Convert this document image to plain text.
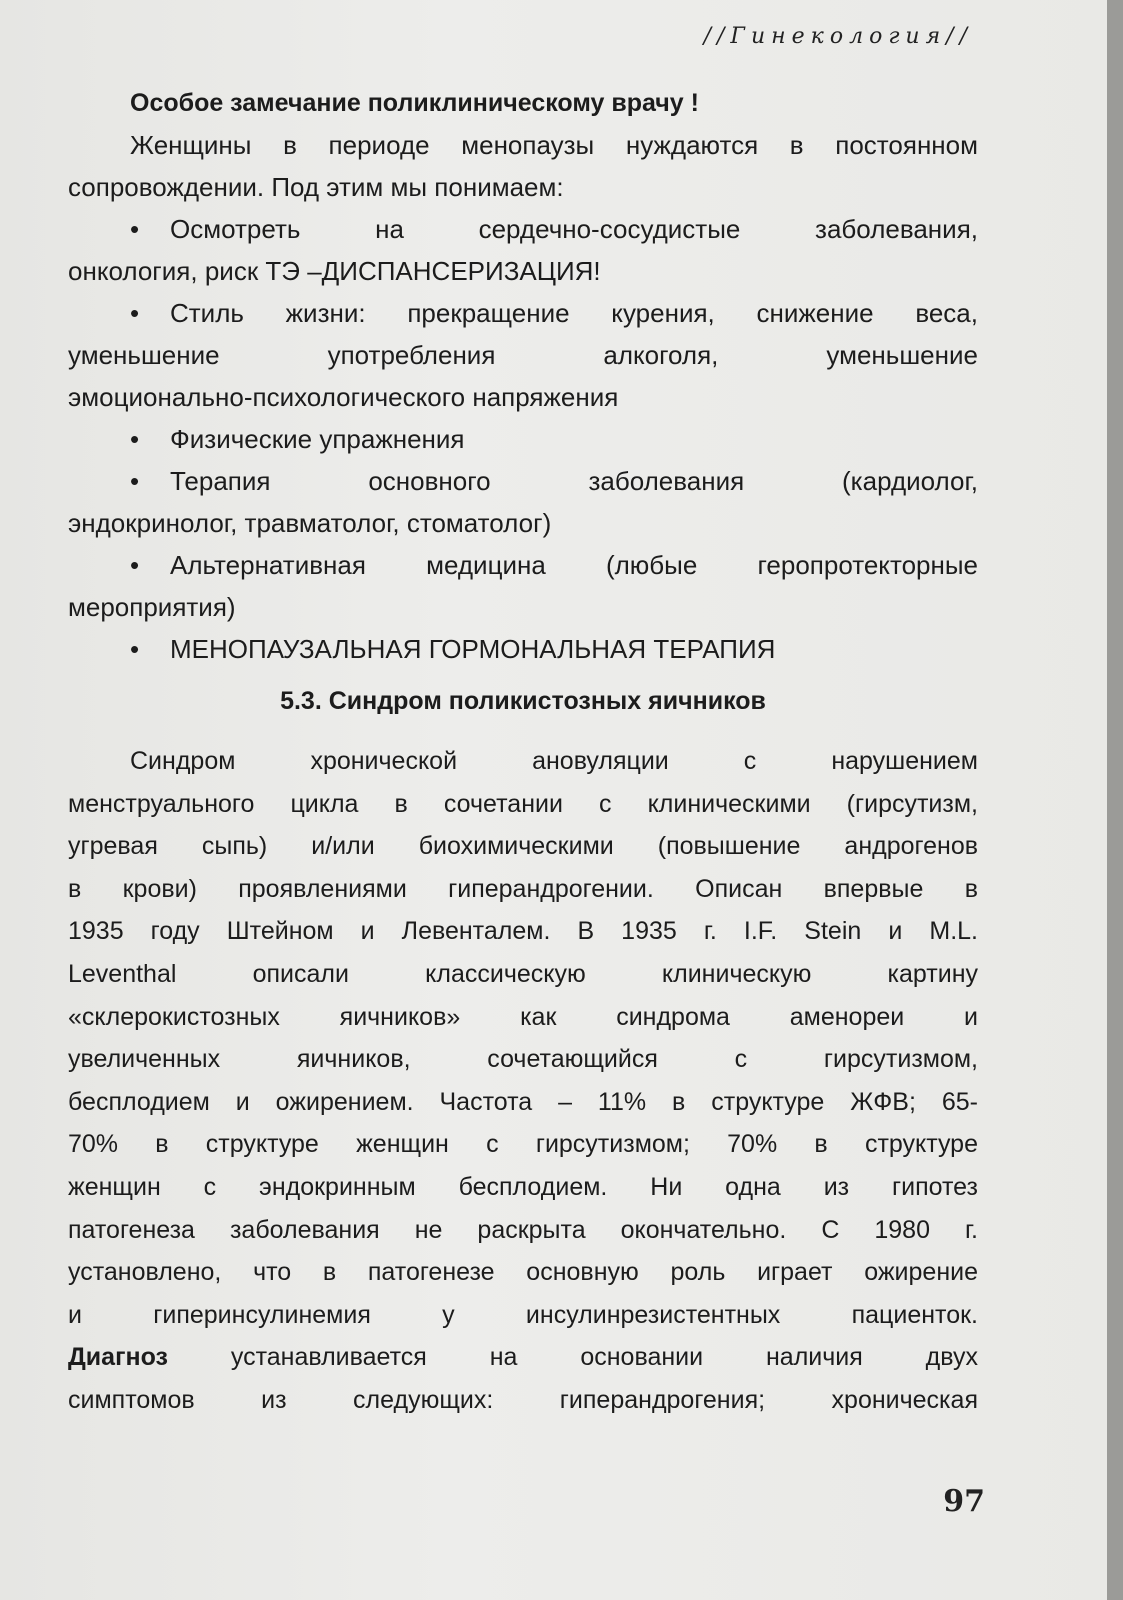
//Гинекология//
Особое замечание поликлиническому врачу !
Женщины в периоде менопаузы нуждаются в постоянном
сопровождении. Под этим мы понимаем:
• Осмотреть на сердечно-сосудистые заболевания,
онкология, риск ТЭ –ДИСПАНСЕРИЗАЦИЯ!
• Стиль жизни: прекращение курения, снижение веса,
уменьшение употребления алкоголя, уменьшение
эмоционально-психологического напряжения
• Физические упражнения
• Терапия основного заболевания (кардиолог,
эндокринолог, травматолог, стоматолог)
• Альтернативная медицина (любые геропротекторные
мероприятия)
• МЕНОПАУЗАЛЬНАЯ ГОРМОНАЛЬНАЯ ТЕРАПИЯ
5.3. Синдром поликистозных яичников
Синдром хронической ановуляции с нарушением
менструального цикла в сочетании с клиническими (гирсутизм,
угревая сыпь) и/или биохимическими (повышение андрогенов
в крови) проявлениями гиперандрогении. Описан впервые в
1935 году Штейном и Левенталем. В 1935 г. I.F. Stein и M.L.
Leventhal описали классическую клиническую картину
«склерокистозных яичников» как синдрома аменореи и
увеличенных яичников, сочетающийся с гирсутизмом,
бесплодием и ожирением. Частота – 11% в структуре ЖФВ; 65-
70% в структуре женщин с гирсутизмом; 70% в структуре
женщин с эндокринным бесплодием. Ни одна из гипотез
патогенеза заболевания не раскрыта окончательно. С 1980 г.
установлено, что в патогенезе основную роль играет ожирение
и гиперинсулинемия у инсулинрезистентных пациенток.
Диагноз устанавливается на основании наличия двух
симптомов из следующих: гиперандрогения; хроническая
97
